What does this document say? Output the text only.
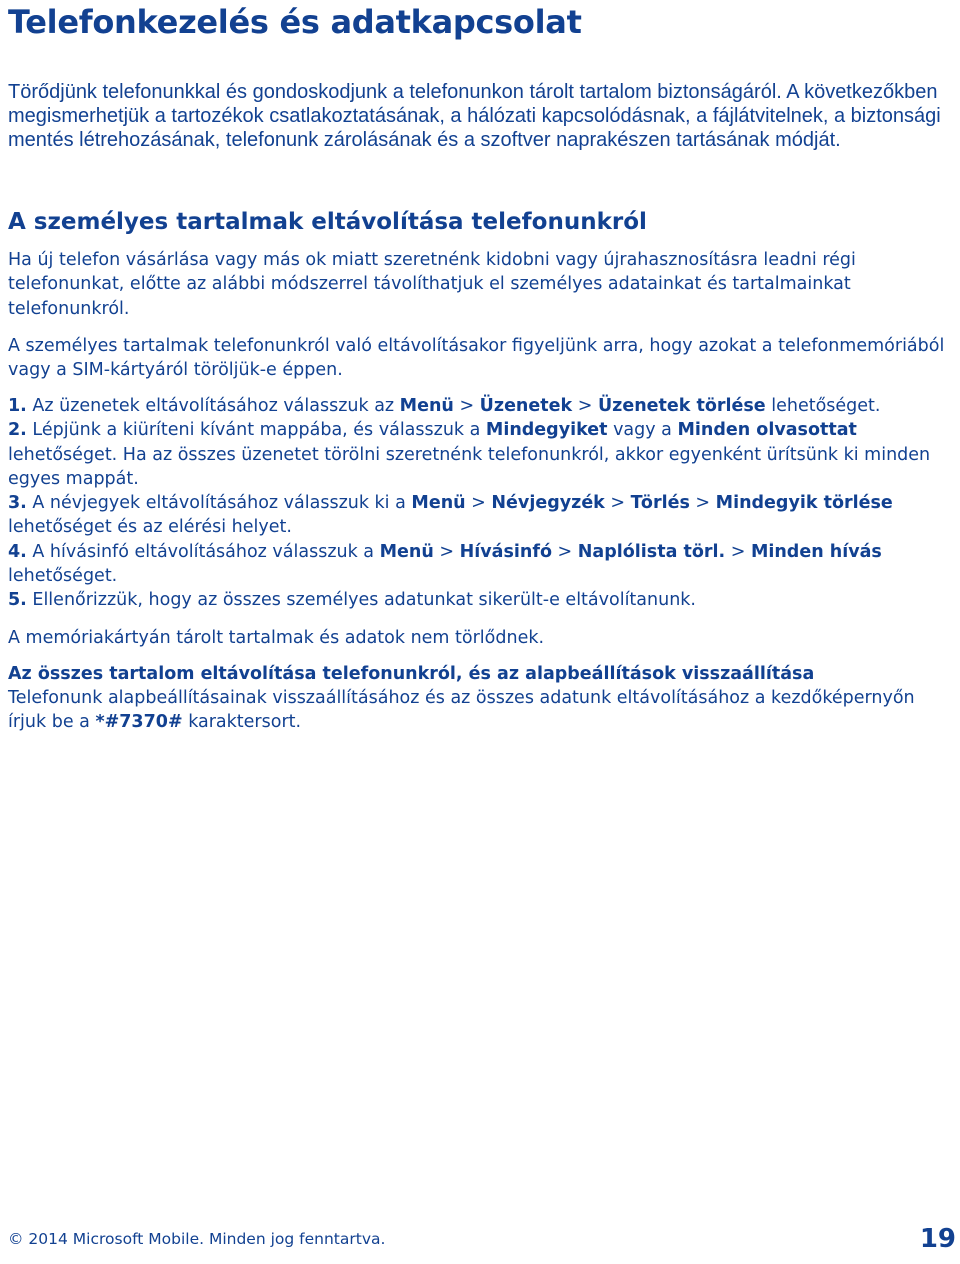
Telefonkezelés és adatkapcsolat

Törődjünk telefonunkkal és gondoskodjunk a telefonunkon tárolt tartalom biztonságáról. A következőkben megismerhetjük a tartozékok csatlakoztatásának, a hálózati kapcsolódásnak, a fájlátvitelnek, a biztonsági mentés létrehozásának, telefonunk zárolásának és a szoftver naprakészen tartásának módját.

A személyes tartalmak eltávolítása telefonunkról

Ha új telefon vásárlása vagy más ok miatt szeretnénk kidobni vagy újrahasznosításra leadni régi telefonunkat, előtte az alábbi módszerrel távolíthatjuk el személyes adatainkat és tartalmainkat telefonunkról.

A személyes tartalmak telefonunkról való eltávolításakor figyeljünk arra, hogy azokat a telefonmemóriából vagy a SIM-kártyáról töröljük-e éppen.

1. Az üzenetek eltávolításához válasszuk az Menü > Üzenetek > Üzenetek törlése lehetőséget.
2. Lépjünk a kiüríteni kívánt mappába, és válasszuk a Mindegyiket vagy a Minden olvasottat lehetőséget. Ha az összes üzenetet törölni szeretnénk telefonunkról, akkor egyenként ürítsünk ki minden egyes mappát.
3. A névjegyek eltávolításához válasszuk ki a Menü > Névjegyzék > Törlés > Mindegyik törlése lehetőséget és az elérési helyet.
4. A hívásinfó eltávolításához válasszuk a Menü > Hívásinfó > Naplólista törl. > Minden hívás lehetőséget.
5. Ellenőrizzük, hogy az összes személyes adatunkat sikerült-e eltávolítanunk.

A memóriakártyán tárolt tartalmak és adatok nem törlődnek.

Az összes tartalom eltávolítása telefonunkról, és az alapbeállítások visszaállítása

Telefonunk alapbeállításainak visszaállításához és az összes adatunk eltávolításához a kezdőképernyőn írjuk be a *#7370# karaktersort.

© 2014 Microsoft Mobile. Minden jog fenntartva.	19
